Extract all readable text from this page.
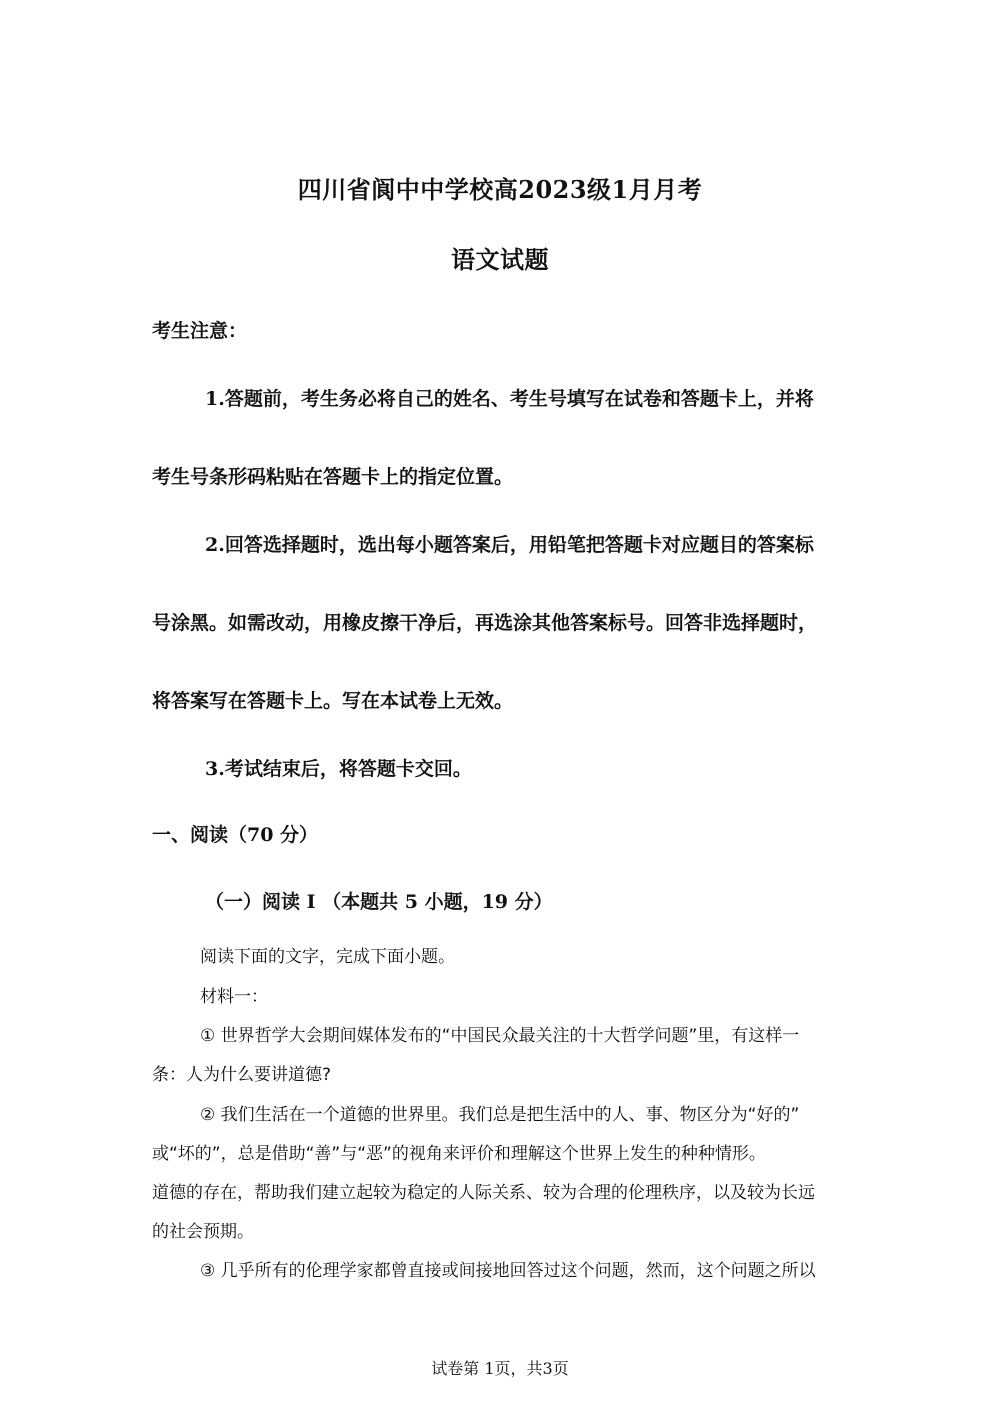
四川省阆中中学校高2023级1月月考
语文试题
考生注意：
1.答题前，考生务必将自己的姓名、考生号填写在试卷和答题卡上，并将
考生号条形码粘贴在答题卡上的指定位置。
2.回答选择题时，选出每小题答案后，用铅笔把答题卡对应题目的答案标
号涂黑。如需改动，用橡皮擦干净后，再选涂其他答案标号。回答非选择题时，
将答案写在答题卡上。写在本试卷上无效。
3.考试结束后，将答题卡交回。
一、阅读（70 分）
（一）阅读 I （本题共 5 小题，19 分）
阅读下面的文字，完成下面小题。
材料一：
① 世界哲学大会期间媒体发布的“中国民众最关注的十大哲学问题”里，有这样一
条：人为什么要讲道德?
② 我们生活在一个道德的世界里。我们总是把生活中的人、事、物区分为“好的”
或“坏的”，总是借助“善”与“恶”的视角来评价和理解这个世界上发生的种种情形。
道德的存在，帮助我们建立起较为稳定的人际关系、较为合理的伦理秩序，以及较为长远
的社会预期。
③ 几乎所有的伦理学家都曾直接或间接地回答过这个问题，然而，这个问题之所以
试卷第 1页，共3页
